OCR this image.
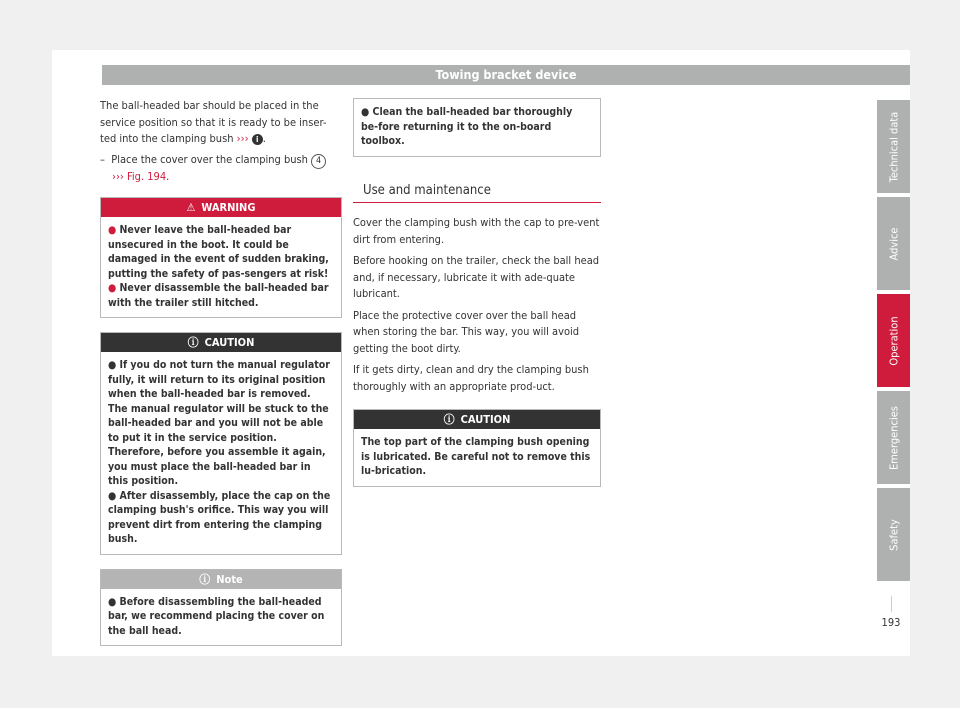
Towing bracket device

The ball-headed bar should be placed in the service position so that it is ready to be inser-ted into the clamping bush ››› i .

– Place the cover over the clamping bush 4
››› Fig. 194.

⚠ WARNING

● Never leave the ball-headed bar unsecured in the boot. It could be damaged in the event of sudden braking, putting the safety of pas-sengers at risk!

● Never disassemble the ball-headed bar with the trailer still hitched.

ⓘ CAUTION

● If you do not turn the manual regulator fully, it will return to its original position when the ball-headed bar is removed. The manual regulator will be stuck to the ball-headed bar and you will not be able to put it in the service position. Therefore, before you assemble it again, you must place the ball-headed bar in this position.

● After disassembly, place the cap on the clamping bush's orifice. This way you will prevent dirt from entering the clamping bush.

ⓘ Note

● Before disassembling the ball-headed bar, we recommend placing the cover on the ball head.

● Clean the ball-headed bar thoroughly be-fore returning it to the on-board toolbox.

Use and maintenance

Cover the clamping bush with the cap to pre-vent dirt from entering.

Before hooking on the trailer, check the ball head and, if necessary, lubricate it with ade-quate lubricant.

Place the protective cover over the ball head when storing the bar. This way, you will avoid getting the boot dirty.

If it gets dirty, clean and dry the clamping bush thoroughly with an appropriate prod-uct.

ⓘ CAUTION

The top part of the clamping bush opening is lubricated. Be careful not to remove this lu-brication.

Technical data
Advice
Operation
Emergencies
Safety
193
